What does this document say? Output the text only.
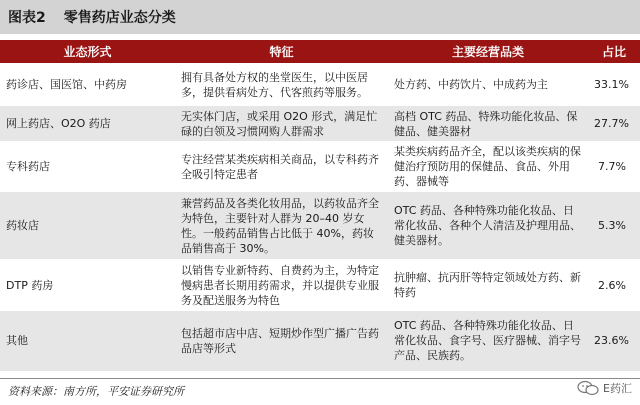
图表2 零售药店业态分类
业态形式	特征	主要经营品类	占比
药诊店、国医馆、中药房	拥有具备处方权的坐堂医生，以中医居多，提供看病处方、代客煎药等服务。	处方药、中药饮片、中成药为主	33.1%
网上药店、O2O 药店	无实体门店，或采用 O2O 形式，满足忙碌的白领及习惯网购人群需求	高档 OTC 药品、特殊功能化妆品、保健品、健美器材	27.7%
专科药店	专注经营某类疾病相关商品，以专科药齐全吸引特定患者	某类疾病药品齐全，配以该类疾病的保健治疗预防用的保健品、食品、外用药、器械等	7.7%
药妆店	兼营药品及各类化妆用品，以药妆品齐全为特色，主要针对人群为 20–40 岁女性。一般药品销售占比低于 40%，药妆品销售高于 30%。	OTC 药品、各种特殊功能化妆品、日常化妆品、各种个人清洁及护理用品、健美器材。	5.3%
DTP 药房	以销售专业新特药、自费药为主，为特定慢病患者长期用药需求，并以提供专业服务及配送服务为特色	抗肿瘤、抗丙肝等特定领域处方药、新特药	2.6%
其他	包括超市店中店、短期炒作型广播广告药品店等形式	OTC 药品、各种特殊功能化妆品、日常化妆品、食字号、医疗器械、消字号产品、民族药。	23.6%
资料来源：南方所，平安证券研究所	E药汇
